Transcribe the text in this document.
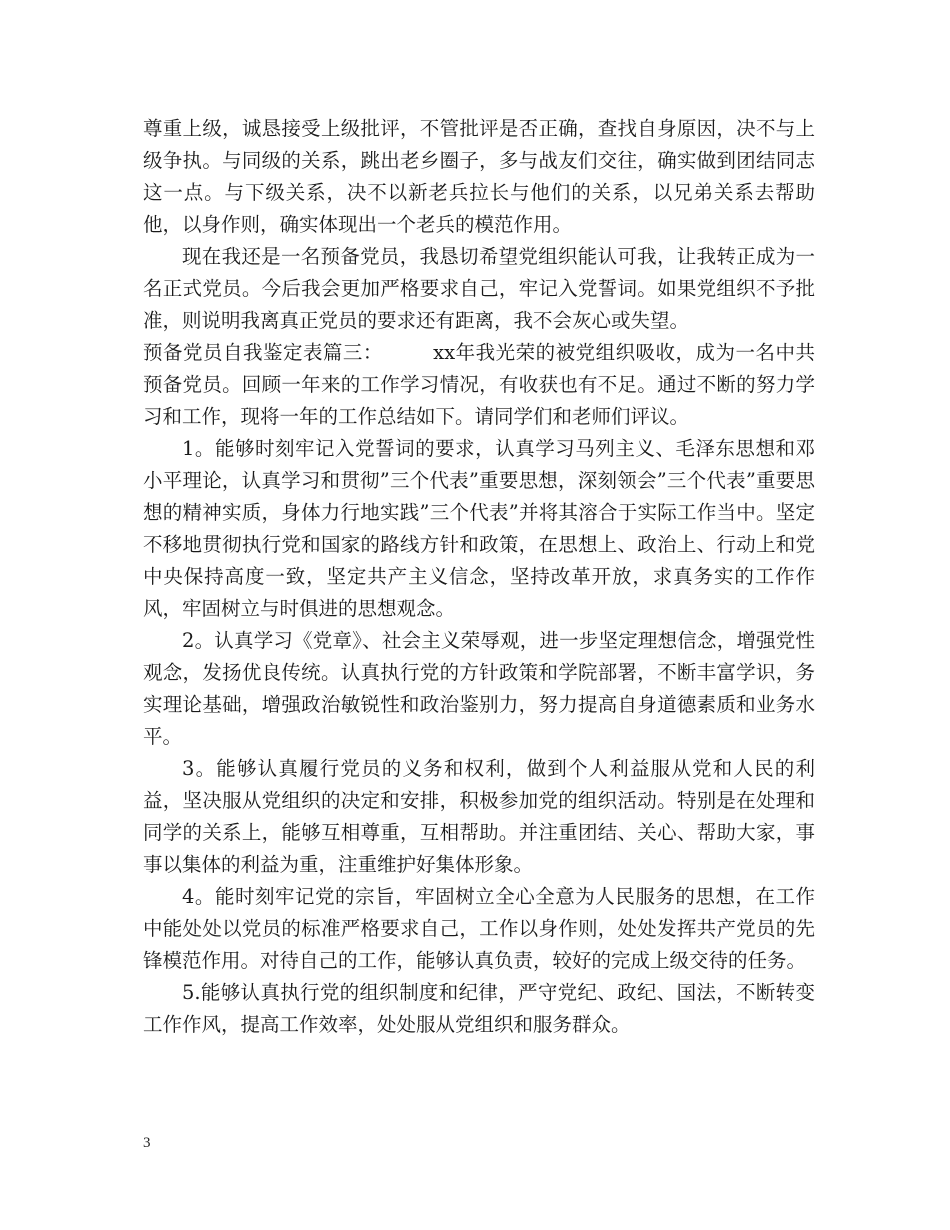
尊重上级，诚恳接受上级批评，不管批评是否正确，查找自身原因，决不与上级争执。与同级的关系，跳出老乡圈子，多与战友们交往，确实做到团结同志这一点。与下级关系，决不以新老兵拉长与他们的关系，以兄弟关系去帮助他，以身作则，确实体现出一个老兵的模范作用。

现在我还是一名预备党员，我恳切希望党组织能认可我，让我转正成为一名正式党员。今后我会更加严格要求自己，牢记入党誓词。如果党组织不予批准，则说明我离真正党员的要求还有距离，我不会灰心或失望。

预备党员自我鉴定表篇三：　　　xx年我光荣的被党组织吸收，成为一名中共预备党员。回顾一年来的工作学习情况，有收获也有不足。通过不断的努力学习和工作，现将一年的工作总结如下。请同学们和老师们评议。

1。能够时刻牢记入党誓词的要求，认真学习马列主义、毛泽东思想和邓小平理论，认真学习和贯彻”三个代表”重要思想，深刻领会”三个代表”重要思想的精神实质，身体力行地实践”三个代表”并将其溶合于实际工作当中。坚定不移地贯彻执行党和国家的路线方针和政策，在思想上、政治上、行动上和党中央保持高度一致，坚定共产主义信念，坚持改革开放，求真务实的工作作风，牢固树立与时俱进的思想观念。

2。认真学习《党章》、社会主义荣辱观，进一步坚定理想信念，增强党性观念，发扬优良传统。认真执行党的方针政策和学院部署，不断丰富学识，务实理论基础，增强政治敏锐性和政治鉴别力，努力提高自身道德素质和业务水平。

3。能够认真履行党员的义务和权利，做到个人利益服从党和人民的利益，坚决服从党组织的决定和安排，积极参加党的组织活动。特别是在处理和同学的关系上，能够互相尊重，互相帮助。并注重团结、关心、帮助大家，事事以集体的利益为重，注重维护好集体形象。

4。能时刻牢记党的宗旨，牢固树立全心全意为人民服务的思想，在工作中能处处以党员的标准严格要求自己，工作以身作则，处处发挥共产党员的先锋模范作用。对待自己的工作，能够认真负责，较好的完成上级交待的任务。

5.能够认真执行党的组织制度和纪律，严守党纪、政纪、国法，不断转变工作作风，提高工作效率，处处服从党组织和服务群众。

3
